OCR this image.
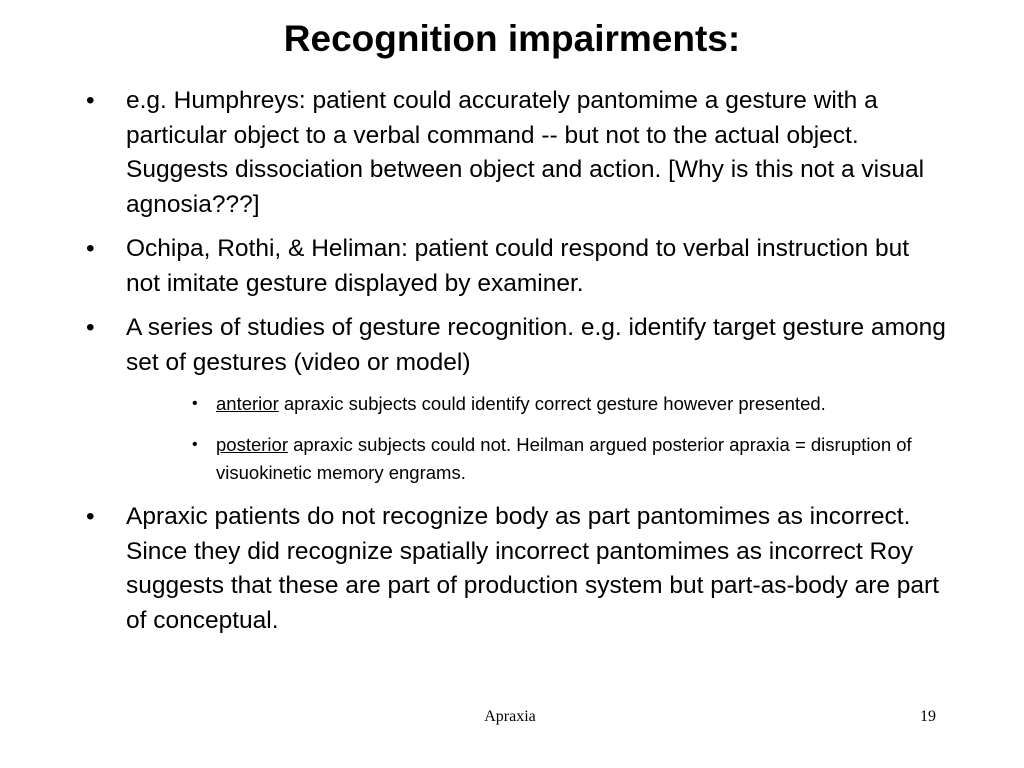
Recognition impairments:
• e.g. Humphreys: patient could accurately pantomime a gesture with a particular object to a verbal command -- but not to the actual object. Suggests dissociation between object and action. [Why is this not a visual agnosia???]
• Ochipa, Rothi, & Heliman: patient could respond to verbal instruction but not imitate gesture displayed by examiner.
• A series of studies of gesture recognition. e.g. identify target gesture among set of gestures (video or model)
• anterior apraxic subjects could identify correct gesture however presented.
• posterior apraxic subjects could not. Heilman argued posterior apraxia = disruption of visuokinetic memory engrams.
• Apraxic patients do not recognize body as part pantomimes as incorrect. Since they did recognize spatially incorrect pantomimes as incorrect Roy suggests that these are part of production system but part-as-body are part of conceptual.
Apraxia	19
